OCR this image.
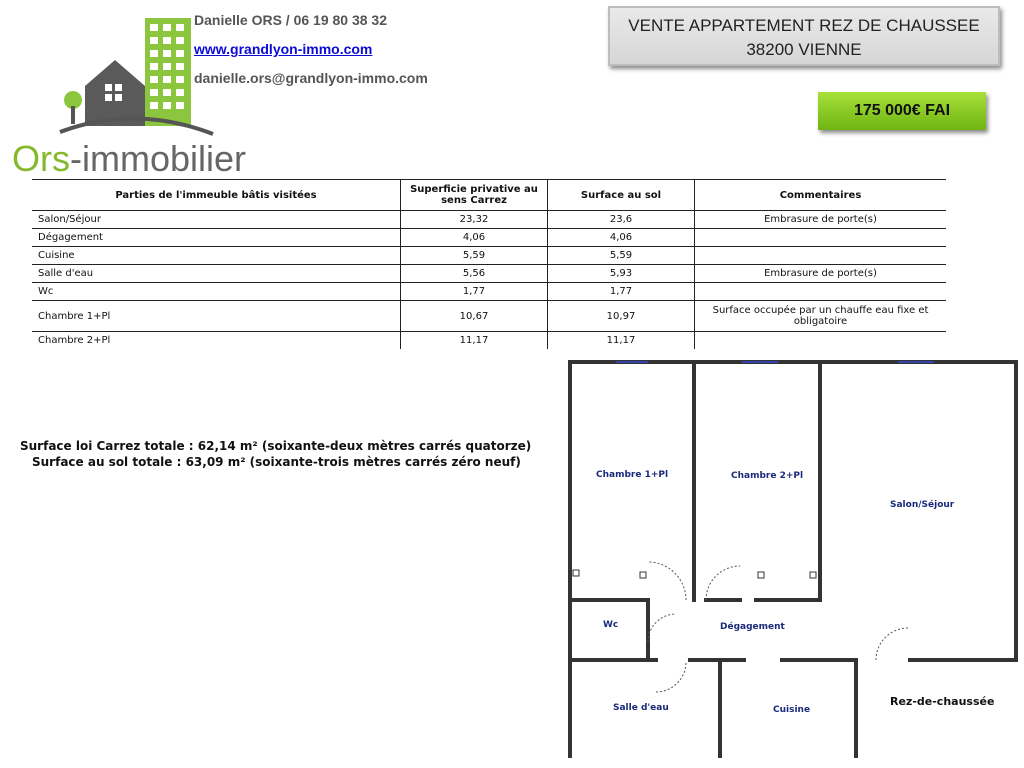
Danielle ORS / 06 19 80 38 32
www.grandlyon-immo.com
danielle.ors@grandlyon-immo.com
Ors-immobilier
VENTE APPARTEMENT REZ DE CHAUSSEE
38200 VIENNE
175 000€ FAI
Parties de l'immeuble bâtis visitées	Superficie privative au sens Carrez	Surface au sol	Commentaires
Salon/Séjour	23,32	23,6	Embrasure de porte(s)
Dégagement	4,06	4,06	
Cuisine	5,59	5,59	
Salle d'eau	5,56	5,93	Embrasure de porte(s)
Wc	1,77	1,77	
Chambre 1+Pl	10,67	10,97	Surface occupée par un chauffe eau fixe et obligatoire
Chambre 2+Pl	11,17	11,17	
Surface loi Carrez totale : 62,14 m² (soixante-deux mètres carrés quatorze)
Surface au sol totale : 63,09 m² (soixante-trois mètres carrés zéro neuf)
Chambre 1+Pl	Chambre 2+Pl
Salon/Séjour
Wc	Dégagement
Salle d'eau	Cuisine
Rez-de-chaussée
